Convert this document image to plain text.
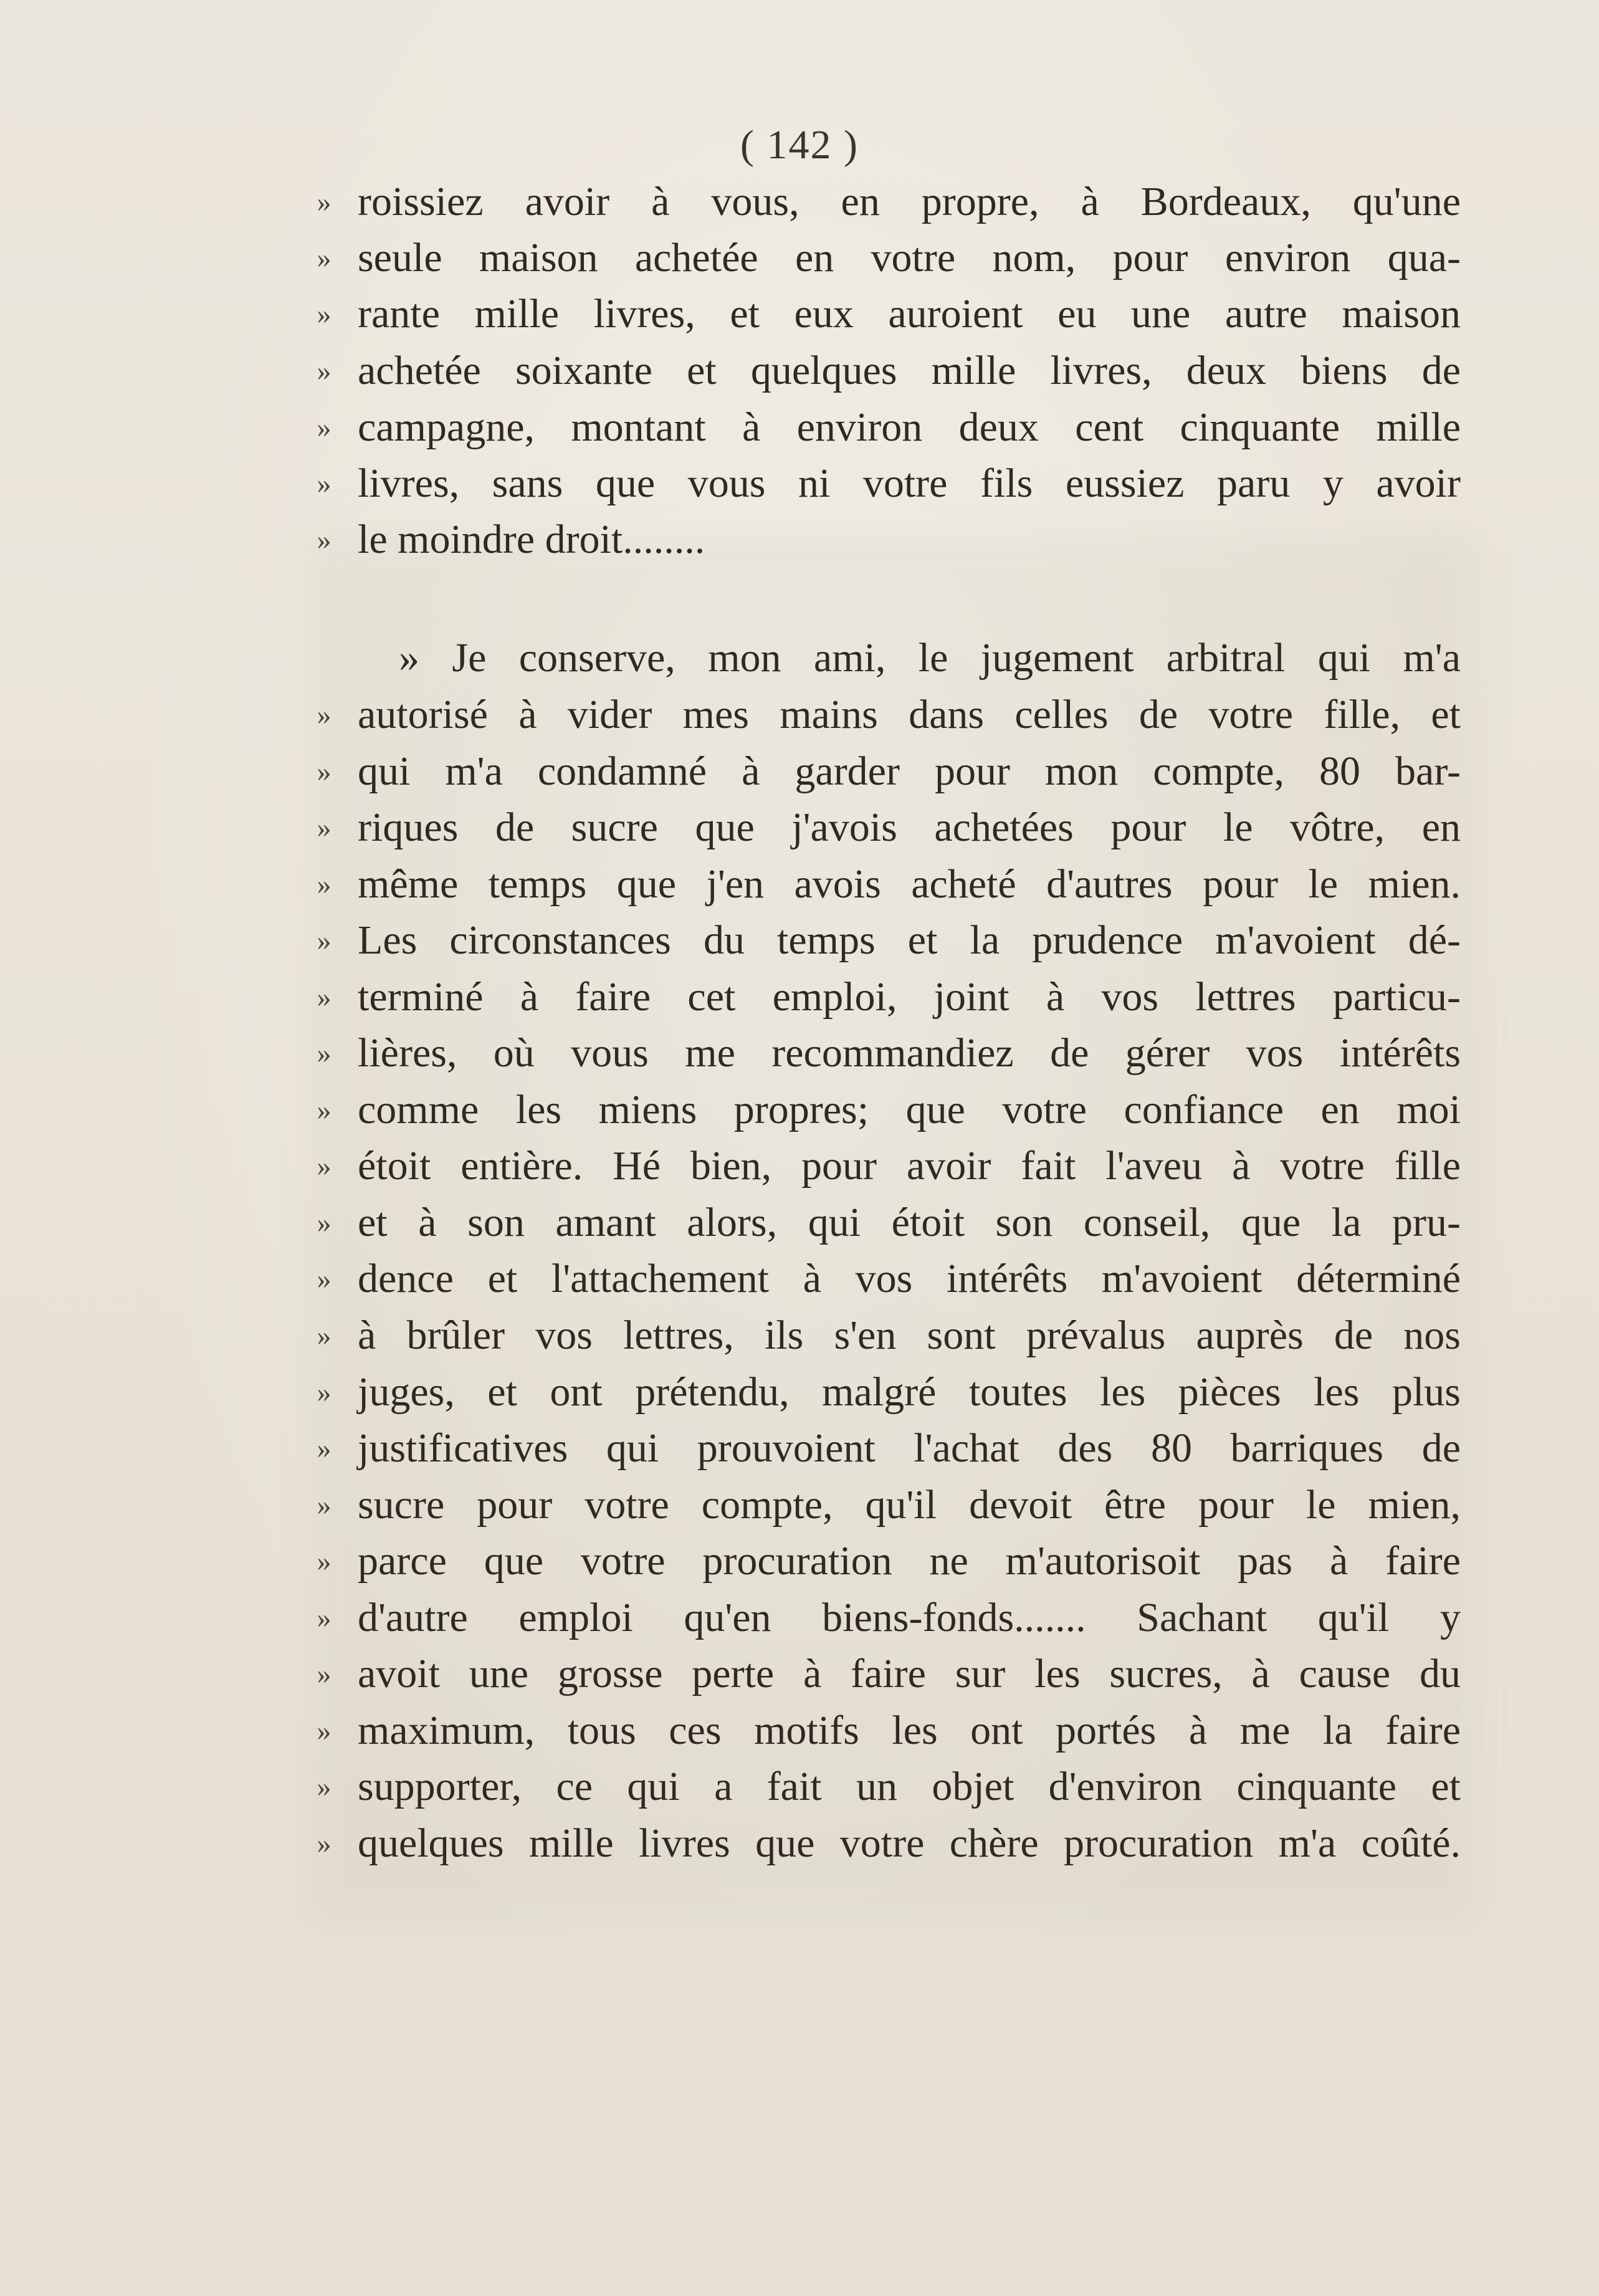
( 142 )
» roissiez avoir à vous, en propre, à Bordeaux, qu'une
» seule maison achetée en votre nom, pour environ qua-
» rante mille livres, et eux auroient eu une autre maison
» achetée soixante et quelques mille livres, deux biens de
» campagne, montant à environ deux cent cinquante mille
» livres, sans que vous ni votre fils eussiez paru y avoir
» le moindre droit........
» Je conserve, mon ami, le jugement arbitral qui m'a
» autorisé à vider mes mains dans celles de votre fille, et
» qui m'a condamné à garder pour mon compte, 80 bar-
» riques de sucre que j'avois achetées pour le vôtre, en
» même temps que j'en avois acheté d'autres pour le mien.
» Les circonstances du temps et la prudence m'avoient dé-
» terminé à faire cet emploi, joint à vos lettres particu-
» lières, où vous me recommandiez de gérer vos intérêts
» comme les miens propres; que votre confiance en moi
» étoit entière. Hé bien, pour avoir fait l'aveu à votre fille
» et à son amant alors, qui étoit son conseil, que la pru-
» dence et l'attachement à vos intérêts m'avoient déterminé
» à brûler vos lettres, ils s'en sont prévalus auprès de nos
» juges, et ont prétendu, malgré toutes les pièces les plus
» justificatives qui prouvoient l'achat des 80 barriques de
» sucre pour votre compte, qu'il devoit être pour le mien,
» parce que votre procuration ne m'autorisoit pas à faire
» d'autre emploi qu'en biens-fonds....... Sachant qu'il y
» avoit une grosse perte à faire sur les sucres, à cause du
» maximum, tous ces motifs les ont portés à me la faire
» supporter, ce qui a fait un objet d'environ cinquante et
» quelques mille livres que votre chère procuration m'a coûté.
